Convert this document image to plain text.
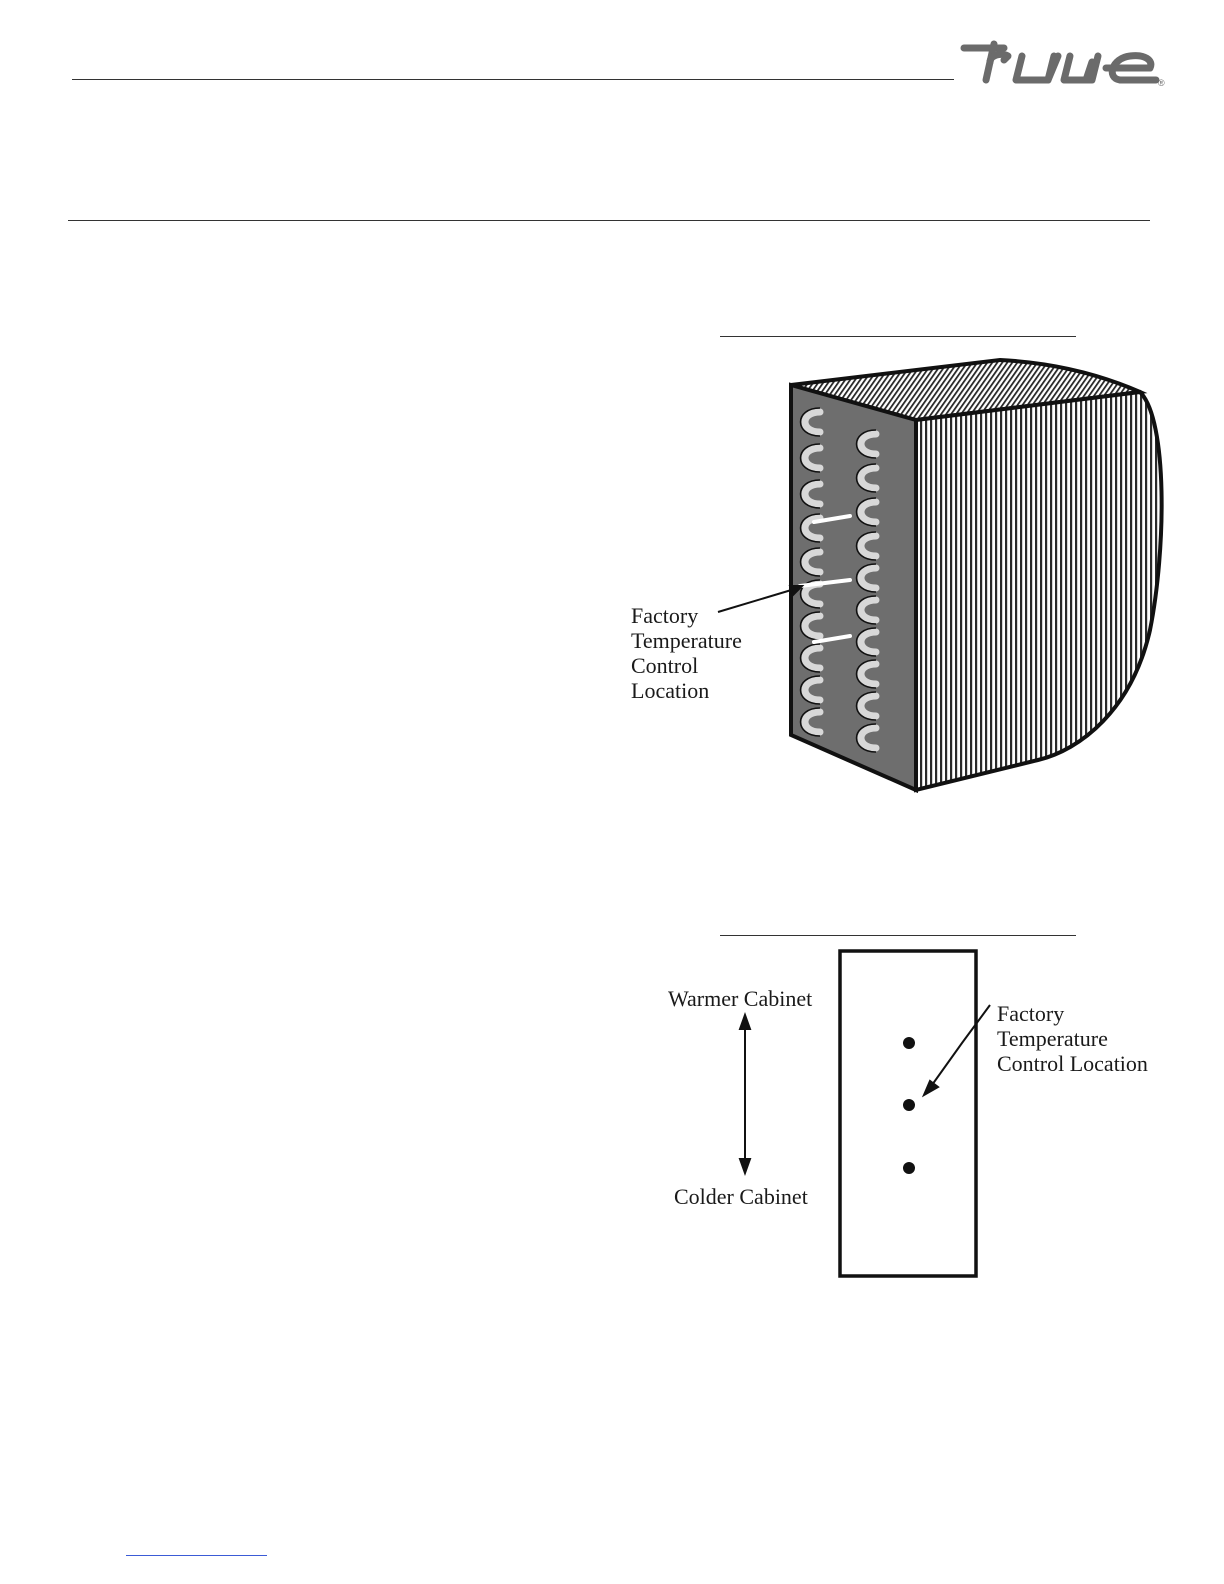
®
Factory
Temperature
Control
Location
Warmer Cabinet
Colder Cabinet
Factory
Temperature
Control Location
